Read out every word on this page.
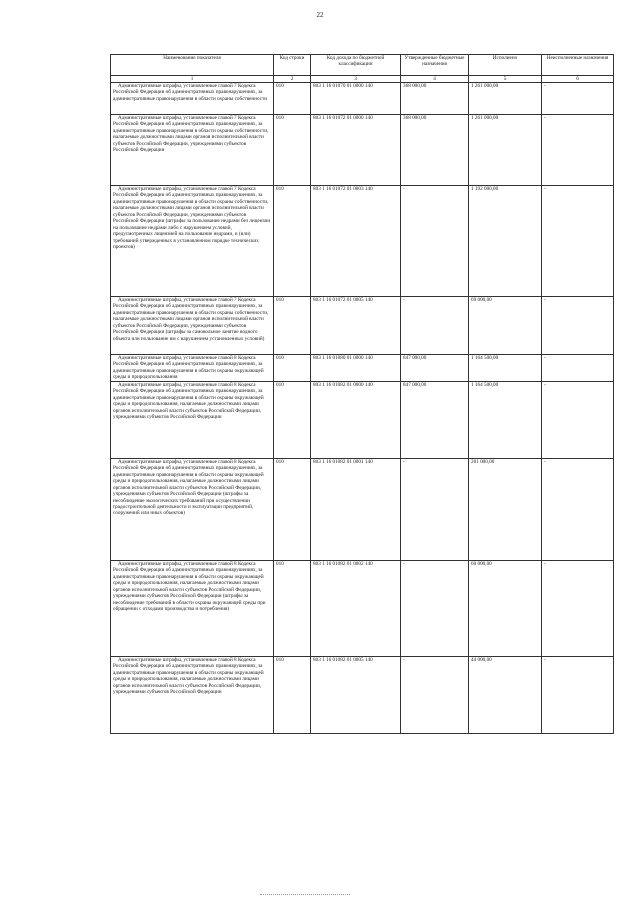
22
Наименование показателя	Код строки	Код дохода по бюджетной классификации	Утвержденные бюджетные назначения	Исполнено	Неисполненные назначения
1	2	3	4	5	6
Административные штрафы, установленные главой 7 Кодекса Российской Федерации об административных правонарушениях, за административные правонарушения в области охраны собственности	010	803 1 16 01070 01 0000 140	368 000,00	1 261 000,00	-
Административные штрафы, установленные главой 7 Кодекса Российской Федерации об административных правонарушениях, за административные правонарушения в области охраны собственности, налагаемые должностными лицами органов исполнительной власти субъектов Российской Федерации, учреждениями субъектов Российской Федерации	010	803 1 16 01072 01 0000 140	368 000,00	1 261 000,00	-
Административные штрафы, установленные главой 7 Кодекса Российской Федерации об административных правонарушениях, за административные правонарушения в области охраны собственности, налагаемые должностными лицами органов исполнительной власти субъектов Российской Федерации, учреждениями субъектов Российской Федерации (штрафы за пользование недрами без лицензии на пользование недрами либо с нарушением условий, предусмотренных лицензией на пользование недрами, и (или) требований утвержденных в установленном порядке технических проектов)	010	803 1 16 01072 01 0003 140	-	1 192 000,00	-
Административные штрафы, установленные главой 7 Кодекса Российской Федерации об административных правонарушениях, за административные правонарушения в области охраны собственности, налагаемые должностными лицами органов исполнительной власти субъектов Российской Федерации, учреждениями субъектов Российской Федерации (штрафы за самовольное занятие водного объекта или пользование им с нарушением установленных условий)	010	803 1 16 01072 01 0005 140	-	69 000,00	-
Административные штрафы, установленные главой 8 Кодекса Российской Федерации об административных правонарушениях, за административные правонарушения в области охраны окружающей среды и природопользования	010	803 1 16 01080 01 0000 140	847 000,00	1 164 500,00	-
Административные штрафы, установленные главой 8 Кодекса Российской Федерации об административных правонарушениях, за административные правонарушения в области охраны окружающей среды и природопользования, налагаемые должностными лицами органов исполнительной власти субъектов Российской Федерации, учреждениями субъектов Российской Федерации	010	803 1 16 01082 01 0000 140	847 000,00	1 164 500,00	-
Административные штрафы, установленные главой 8 Кодекса Российской Федерации об административных правонарушениях, за административные правонарушения в области охраны окружающей среды и природопользования, налагаемые должностными лицами органов исполнительной власти субъектов Российской Федерации, учреждениями субъектов Российской Федерации (штрафы за несоблюдение экологических требований при осуществлении градостроительной деятельности и эксплуатации предприятий, сооружений или иных объектов)	010	803 1 16 01082 01 0001 140	-	201 000,00	-
Административные штрафы, установленные главой 8 Кодекса Российской Федерации об административных правонарушениях, за административные правонарушения в области охраны окружающей среды и природопользования, налагаемые должностными лицами органов исполнительной власти субъектов Российской Федерации, учреждениями субъектов Российской Федерации (штрафы за несоблюдение требований в области охраны окружающей среды при обращении с отходами производства и потребления)	010	803 1 16 01082 01 0002 140	-	60 000,00	-
Административные штрафы, установленные главой 8 Кодекса Российской Федерации об административных правонарушениях, за административные правонарушения в области охраны окружающей среды и природопользования, налагаемые должностными лицами органов исполнительной власти субъектов Российской Федерации, учреждениями субъектов Российской Федерации	010	803 1 16 01082 01 0005 140	-	44 000,00	-
